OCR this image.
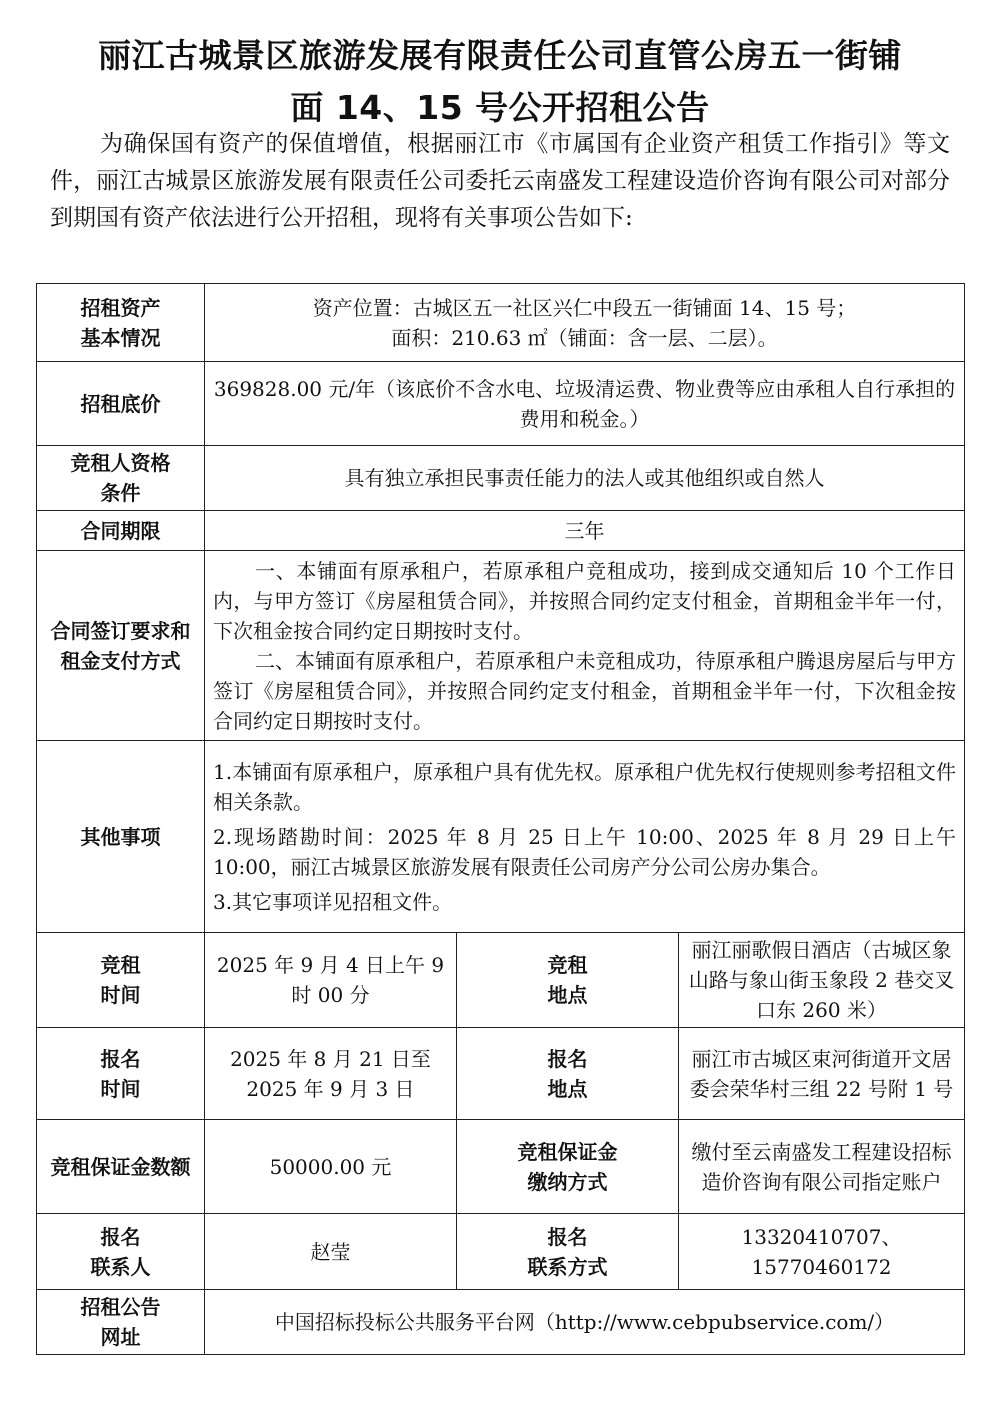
丽江古城景区旅游发展有限责任公司直管公房五一街铺
面 14、15 号公开招租公告
为确保国有资产的保值增值，根据丽江市《市属国有企业资产租赁工作指引》等文件，丽江古城景区旅游发展有限责任公司委托云南盛发工程建设造价咨询有限公司对部分到期国有资产依法进行公开招租，现将有关事项公告如下:
招租资产
基本情况	资产位置：古城区五一社区兴仁中段五一街铺面 14、15 号；
面积：210.63 ㎡（铺面：含一层、二层）。		

招租底价	369828.00 元/年（该底价不含水电、垃圾清运费、物业费等应由承租人自行承担的费用和税金。）		

竞租人资格
条件	具有独立承担民事责任能力的法人或其他组织或自然人		
合同期限	三年		

合同签订要求和
租金支付方式	一、本铺面有原承租户，若原承租户竞租成功，接到成交通知后 10 个工作日内，与甲方签订《房屋租赁合同》，并按照合同约定支付租金，首期租金半年一付，下次租金按合同约定日期按时支付。
二、本铺面有原承租户，若原承租户未竞租成功，待原承租户腾退房屋后与甲方签订《房屋租赁合同》，并按照合同约定支付租金，首期租金半年一付，下次租金按合同约定日期按时支付。		

其他事项	1.本铺面有原承租户，原承租户具有优先权。原承租户优先权行使规则参考招租文件相关条款。
2.现场踏勘时间：2025 年 8 月 25 日上午 10:00、2025 年 8 月 29 日上午 10:00，丽江古城景区旅游发展有限责任公司房产分公司公房办集合。
3.其它事项详见招租文件。		

竞租
时间	2025 年 9 月 4 日上午 9 时 00 分	竞租
地点	丽江丽歌假日酒店（古城区象山路与象山街玉象段 2 巷交叉口东 260 米）

报名
时间	2025 年 8 月 21 日至
2025 年 9 月 3 日	报名
地点	丽江市古城区束河街道开文居委会荣华村三组 22 号附 1 号
竞租保证金数额	50000.00 元	竞租保证金
缴纳方式	缴付至云南盛发工程建设招标造价咨询有限公司指定账户

报名
联系人	赵莹	报名
联系方式	13320410707、
15770460172

招租公告
网址	中国招标投标公共服务平台网（http://www.cebpubservice.com/）		
